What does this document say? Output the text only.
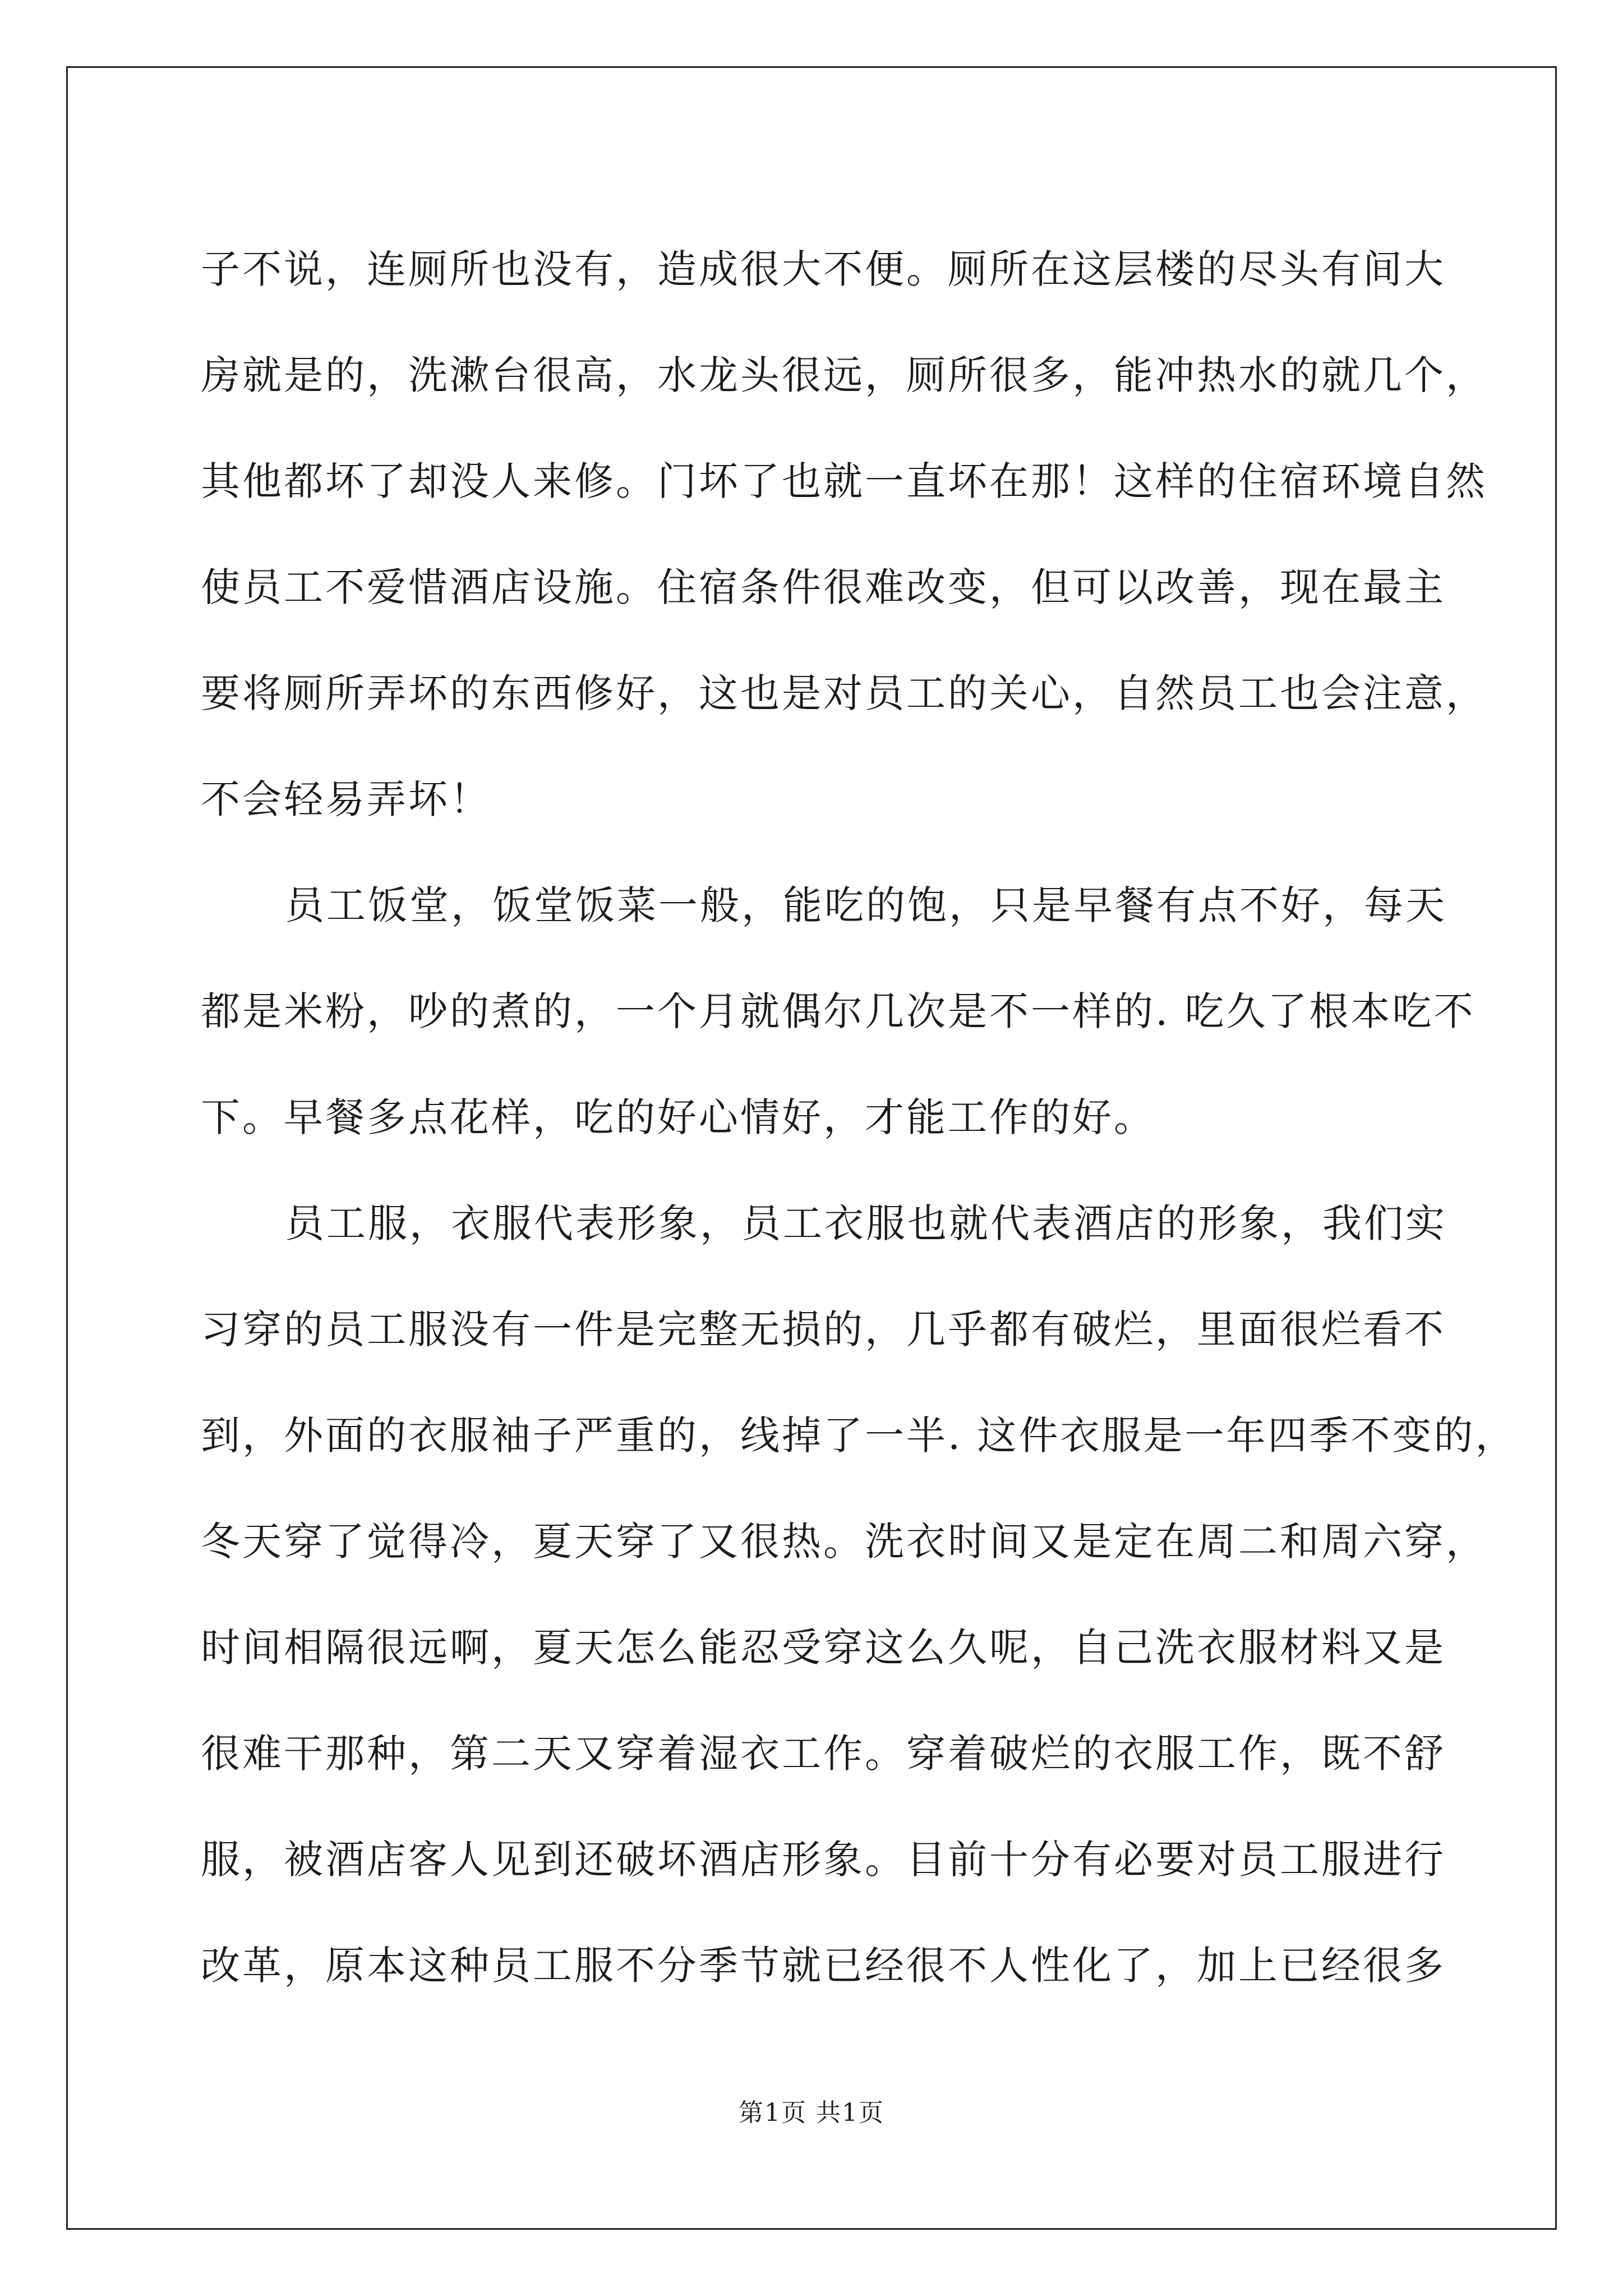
子不说，连厕所也没有，造成很大不便。厕所在这层楼的尽头有间大
房就是的，洗漱台很高，水龙头很远，厕所很多，能冲热水的就几个，
其他都坏了却没人来修。门坏了也就一直坏在那！这样的住宿环境自然
使员工不爱惜酒店设施。住宿条件很难改变，但可以改善，现在最主
要将厕所弄坏的东西修好，这也是对员工的关心，自然员工也会注意，
不会轻易弄坏！
员工饭堂，饭堂饭菜一般，能吃的饱，只是早餐有点不好，每天
都是米粉，吵的煮的，一个月就偶尔几次是不一样的. 吃久了根本吃不
下。早餐多点花样，吃的好心情好，才能工作的好。
员工服，衣服代表形象，员工衣服也就代表酒店的形象，我们实
习穿的员工服没有一件是完整无损的，几乎都有破烂，里面很烂看不
到，外面的衣服袖子严重的，线掉了一半. 这件衣服是一年四季不变的，
冬天穿了觉得冷，夏天穿了又很热。洗衣时间又是定在周二和周六穿，
时间相隔很远啊，夏天怎么能忍受穿这么久呢，自己洗衣服材料又是
很难干那种，第二天又穿着湿衣工作。穿着破烂的衣服工作，既不舒
服，被酒店客人见到还破坏酒店形象。目前十分有必要对员工服进行
改革，原本这种员工服不分季节就已经很不人性化了，加上已经很多
第1页 共1页
